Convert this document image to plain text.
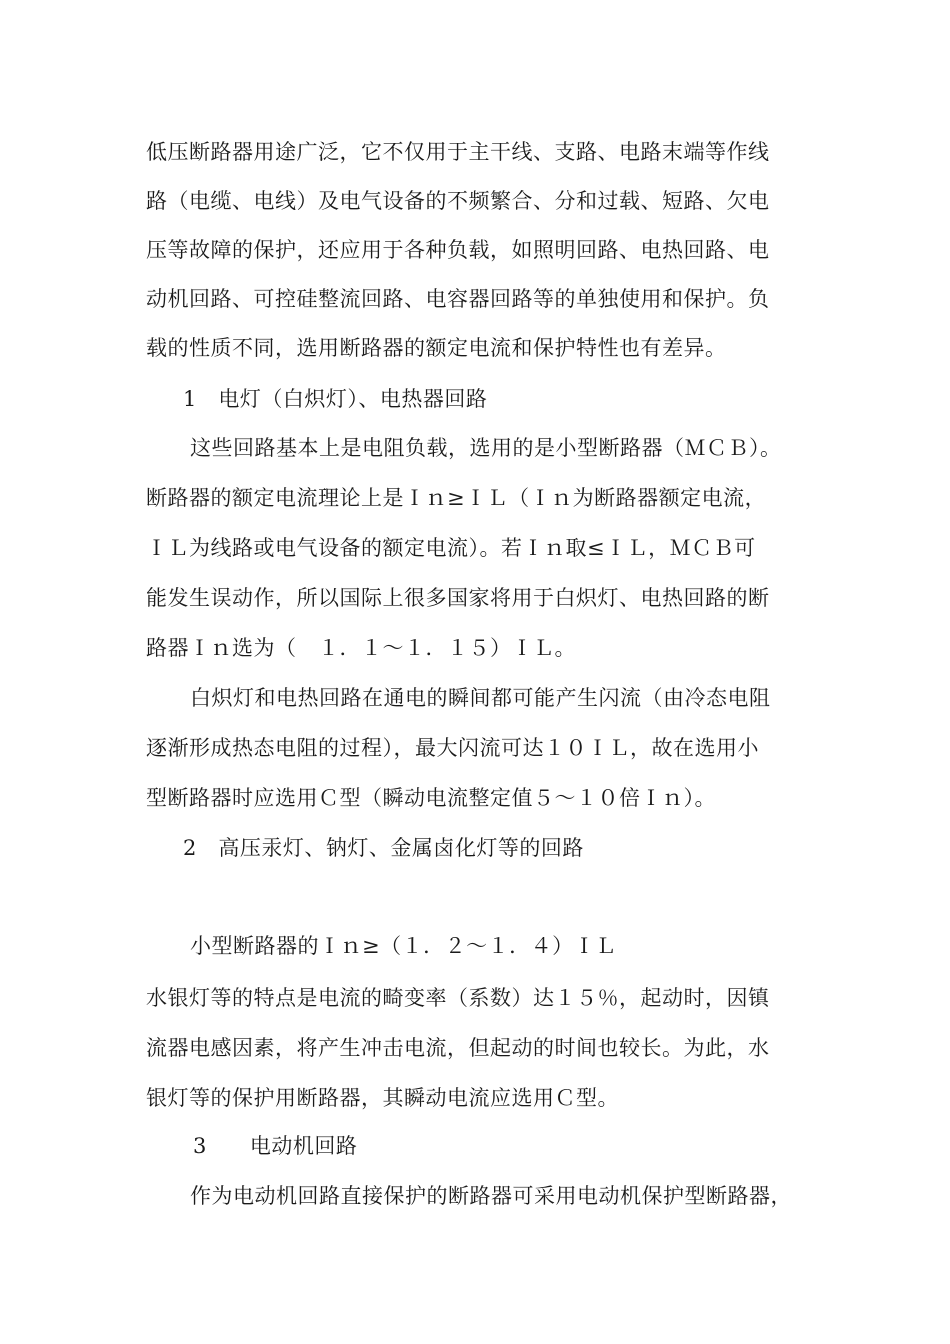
低压断路器用途广泛，它不仅用于主干线、支路、电路末端等作线
路（电缆、电线）及电气设备的不频繁合、分和过载、短路、欠电
压等故障的保护，还应用于各种负载，如照明回路、电热回路、电
动机回路、可控硅整流回路、电容器回路等的单独使用和保护。负
载的性质不同，选用断路器的额定电流和保护特性也有差异。
1　电灯（白炽灯）、电热器回路
这些回路基本上是电阻负载，选用的是小型断路器（ＭＣＢ）。
断路器的额定电流理论上是Ｉｎ≥ＩＬ（Ｉｎ为断路器额定电流，
ＩＬ为线路或电气设备的额定电流）。若Ｉｎ取≤ＩＬ，ＭＣＢ可
能发生误动作，所以国际上很多国家将用于白炽灯、电热回路的断
路器Ｉｎ选为（　１．１～１．１５）ＩＬ。
白炽灯和电热回路在通电的瞬间都可能产生闪流（由冷态电阻
逐渐形成热态电阻的过程），最大闪流可达１０ＩＬ，故在选用小
型断路器时应选用Ｃ型（瞬动电流整定值５～１０倍Ｉｎ）。
2　高压汞灯、钠灯、金属卤化灯等的回路
小型断路器的Ｉｎ≥（１．２～１．４）ＩＬ
水银灯等的特点是电流的畸变率（系数）达１５％，起动时，因镇
流器电感因素，将产生冲击电流，但起动的时间也较长。为此，水
银灯等的保护用断路器，其瞬动电流应选用Ｃ型。
3　　电动机回路
作为电动机回路直接保护的断路器可采用电动机保护型断路器，
